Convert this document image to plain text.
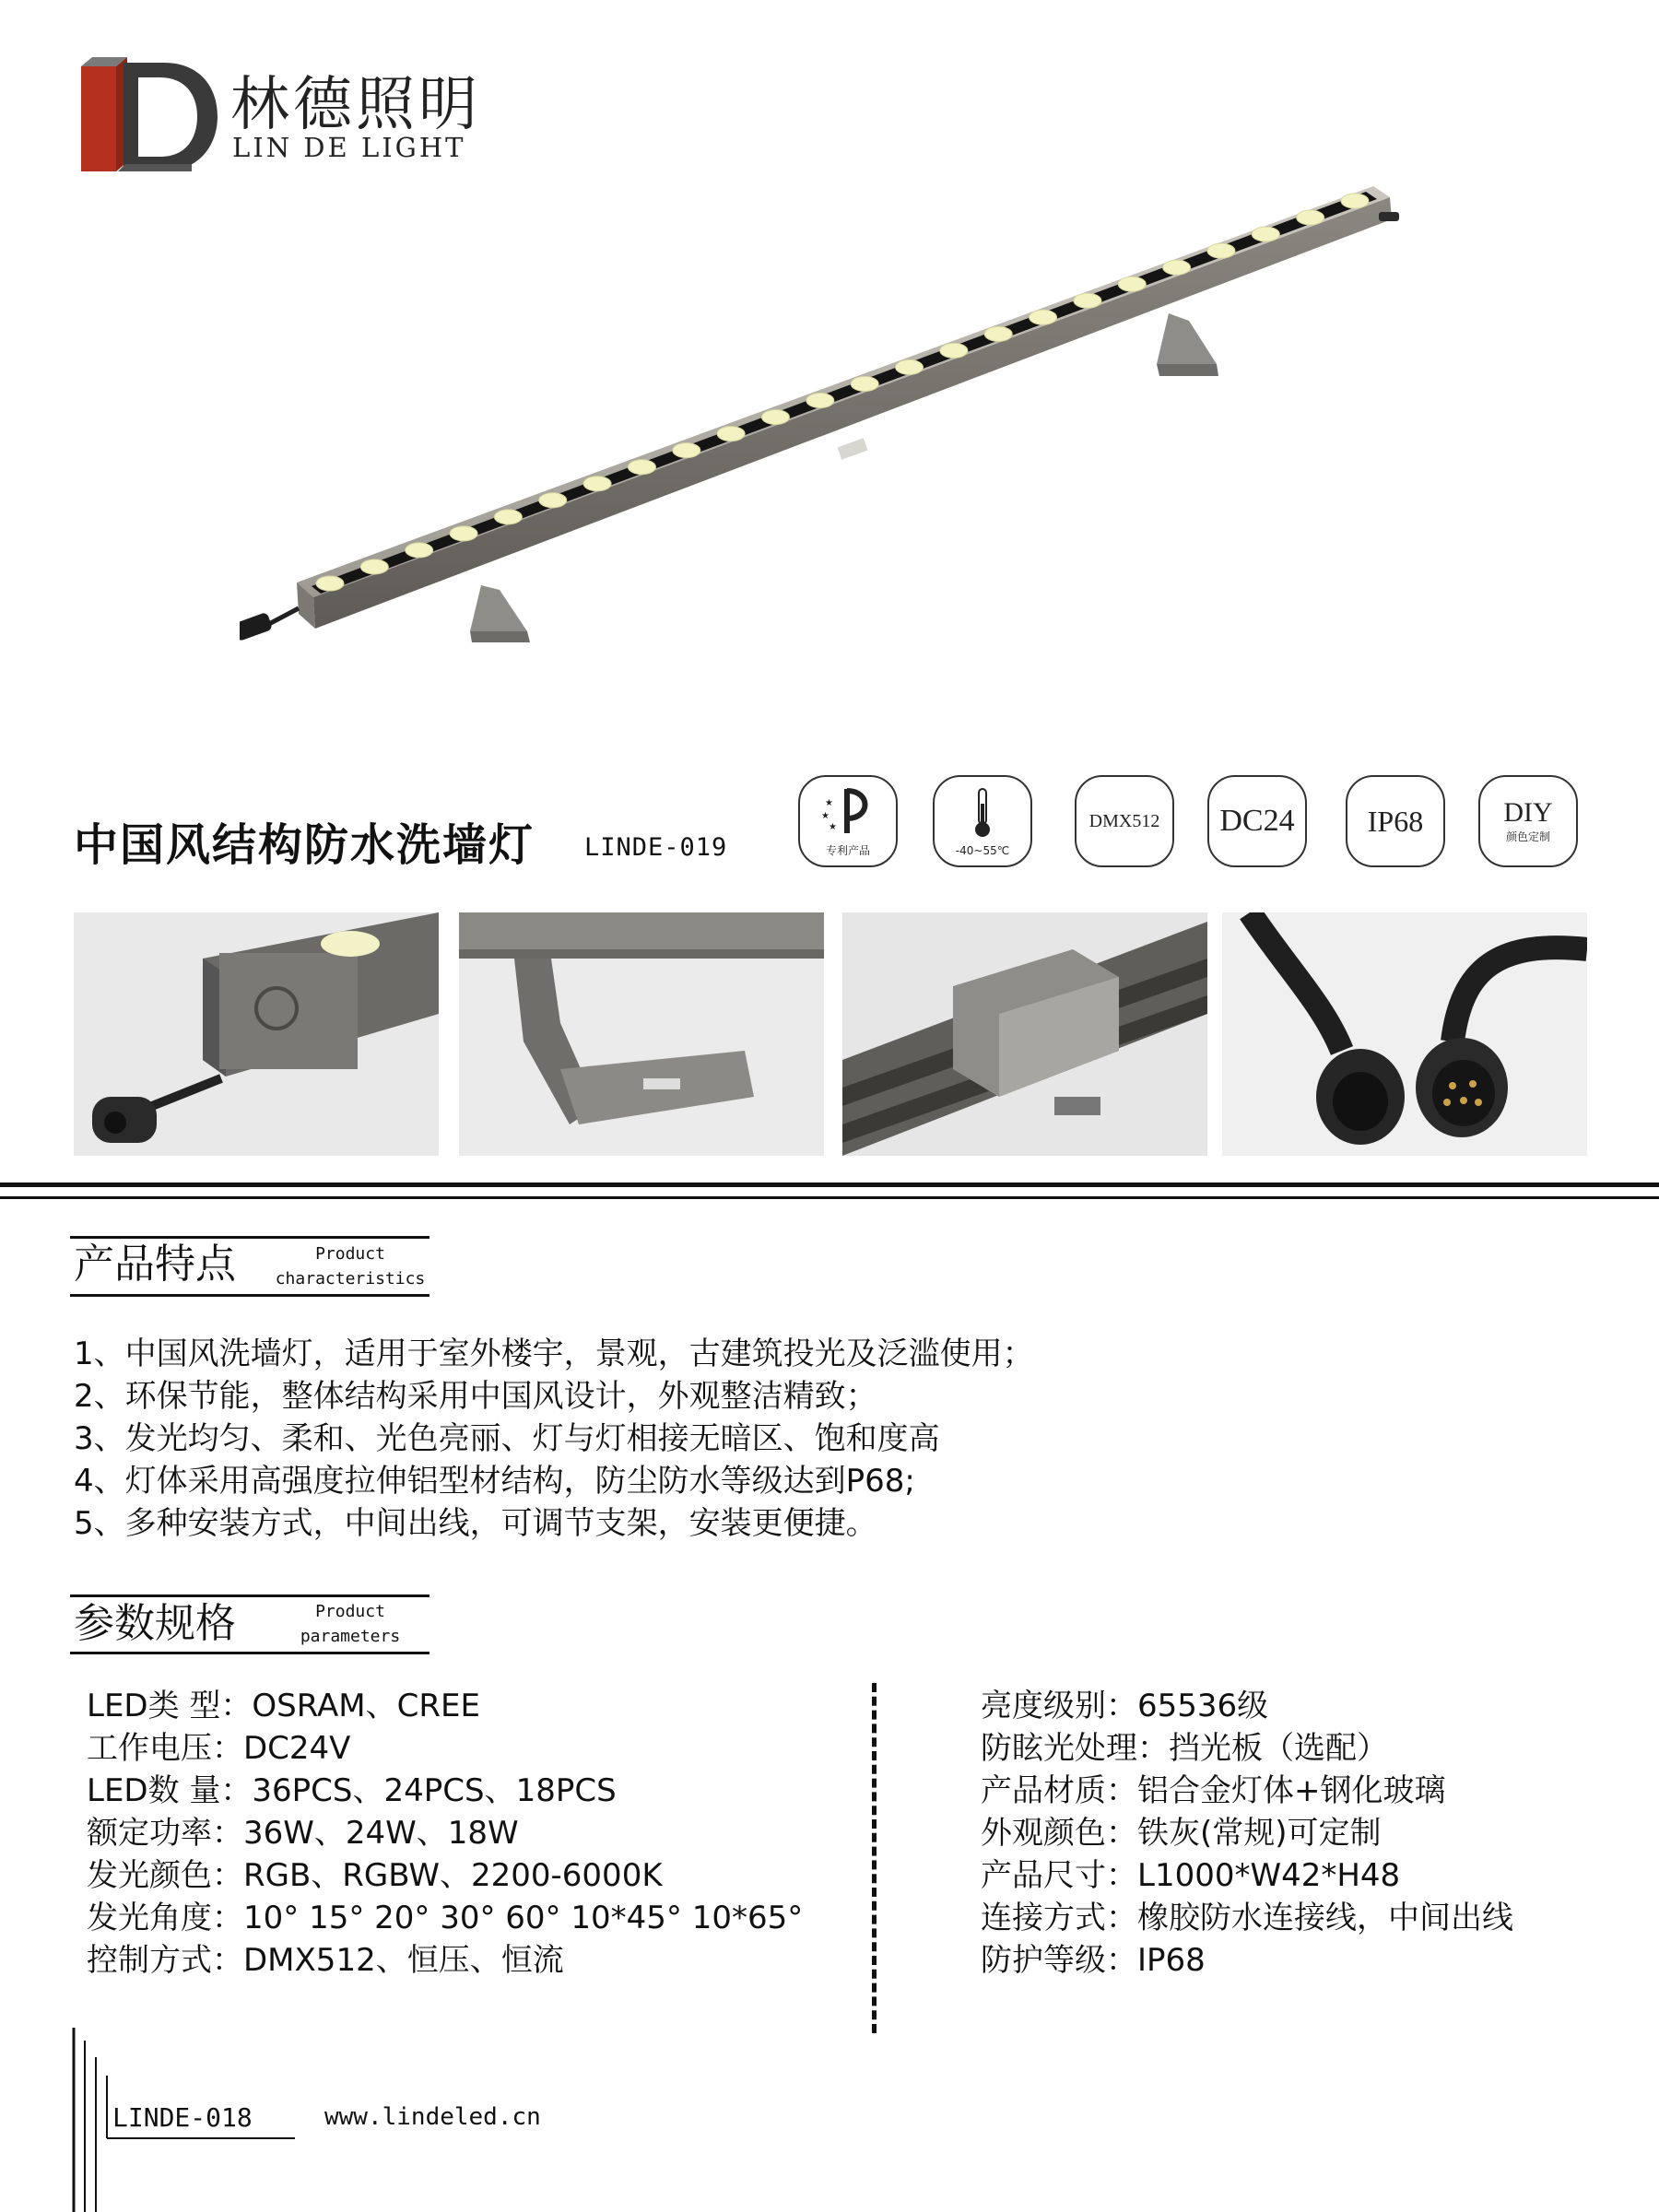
林德照明
LIN DE LIGHT
中国风结构防水洗墙灯 LINDE-019
★
★
★
专利产品	-40~55℃
DMX512 DC24 IP68	DIY
颜色定制
产品特点	Product
characteristics
1、中国风洗墙灯，适用于室外楼宇，景观，古建筑投光及泛滥使用；
2、环保节能，整体结构采用中国风设计，外观整洁精致；
3、发光均匀、柔和、光色亮丽、灯与灯相接无暗区、饱和度高
4、灯体采用高强度拉伸铝型材结构，防尘防水等级达到P68;
5、多种安装方式，中间出线，可调节支架，安装更便捷。
参数规格	Product
parameters
LED类 型：OSRAM、CREE
工作电压：DC24V
LED数 量：36PCS、24PCS、18PCS
额定功率：36W、24W、18W
发光颜色：RGB、RGBW、2200-6000K
发光角度：10° 15° 20° 30° 60° 10*45° 10*65°
控制方式：DMX512、恒压、恒流
亮度级别：65536级
防眩光处理：挡光板（选配）
产品材质：铝合金灯体+钢化玻璃
外观颜色：铁灰(常规)可定制
产品尺寸：L1000*W42*H48
连接方式：橡胶防水连接线，中间出线
防护等级：IP68
LINDE-018	www.lindeled.cn
